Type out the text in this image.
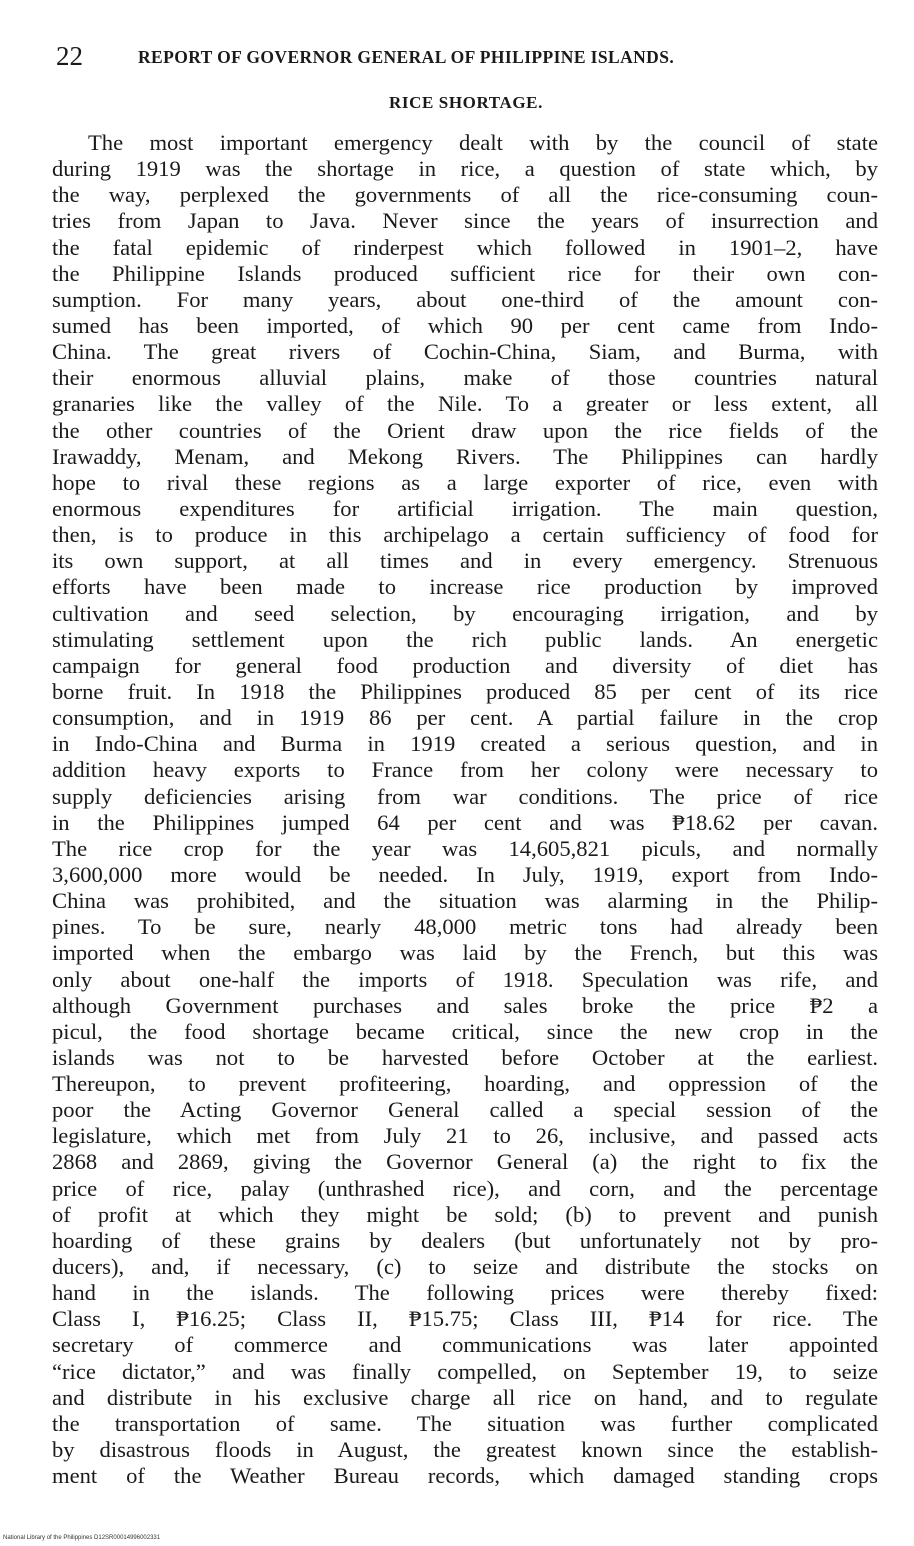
22	REPORT OF GOVERNOR GENERAL OF PHILIPPINE ISLANDS.
RICE SHORTAGE.
The most important emergency dealt with by the council of state
during 1919 was the shortage in rice, a question of state which, by
the way, perplexed the governments of all the rice-consuming coun-
tries from Japan to Java. Never since the years of insurrection and
the fatal epidemic of rinderpest which followed in 1901–2, have
the Philippine Islands produced sufficient rice for their own con-
sumption. For many years, about one-third of the amount con-
sumed has been imported, of which 90 per cent came from Indo-
China. The great rivers of Cochin-China, Siam, and Burma, with
their enormous alluvial plains, make of those countries natural
granaries like the valley of the Nile. To a greater or less extent, all
the other countries of the Orient draw upon the rice fields of the
Irawaddy, Menam, and Mekong Rivers. The Philippines can hardly
hope to rival these regions as a large exporter of rice, even with
enormous expenditures for artificial irrigation. The main question,
then, is to produce in this archipelago a certain sufficiency of food for
its own support, at all times and in every emergency. Strenuous
efforts have been made to increase rice production by improved
cultivation and seed selection, by encouraging irrigation, and by
stimulating settlement upon the rich public lands. An energetic
campaign for general food production and diversity of diet has
borne fruit. In 1918 the Philippines produced 85 per cent of its rice
consumption, and in 1919 86 per cent. A partial failure in the crop
in Indo-China and Burma in 1919 created a serious question, and in
addition heavy exports to France from her colony were necessary to
supply deficiencies arising from war conditions. The price of rice
in the Philippines jumped 64 per cent and was ₱18.62 per cavan.
The rice crop for the year was 14,605,821 piculs, and normally
3,600,000 more would be needed. In July, 1919, export from Indo-
China was prohibited, and the situation was alarming in the Philip-
pines. To be sure, nearly 48,000 metric tons had already been
imported when the embargo was laid by the French, but this was
only about one-half the imports of 1918. Speculation was rife, and
although Government purchases and sales broke the price ₱2 a
picul, the food shortage became critical, since the new crop in the
islands was not to be harvested before October at the earliest.
Thereupon, to prevent profiteering, hoarding, and oppression of the
poor the Acting Governor General called a special session of the
legislature, which met from July 21 to 26, inclusive, and passed acts
2868 and 2869, giving the Governor General (a) the right to fix the
price of rice, palay (unthrashed rice), and corn, and the percentage
of profit at which they might be sold; (b) to prevent and punish
hoarding of these grains by dealers (but unfortunately not by pro-
ducers), and, if necessary, (c) to seize and distribute the stocks on
hand in the islands. The following prices were thereby fixed:
Class I, ₱16.25; Class II, ₱15.75; Class III, ₱14 for rice. The
secretary of commerce and communications was later appointed
“rice dictator,” and was finally compelled, on September 19, to seize
and distribute in his exclusive charge all rice on hand, and to regulate
the transportation of same. The situation was further complicated
by disastrous floods in August, the greatest known since the establish-
ment of the Weather Bureau records, which damaged standing crops
National Library of the Philippines D12SR00014996002331
